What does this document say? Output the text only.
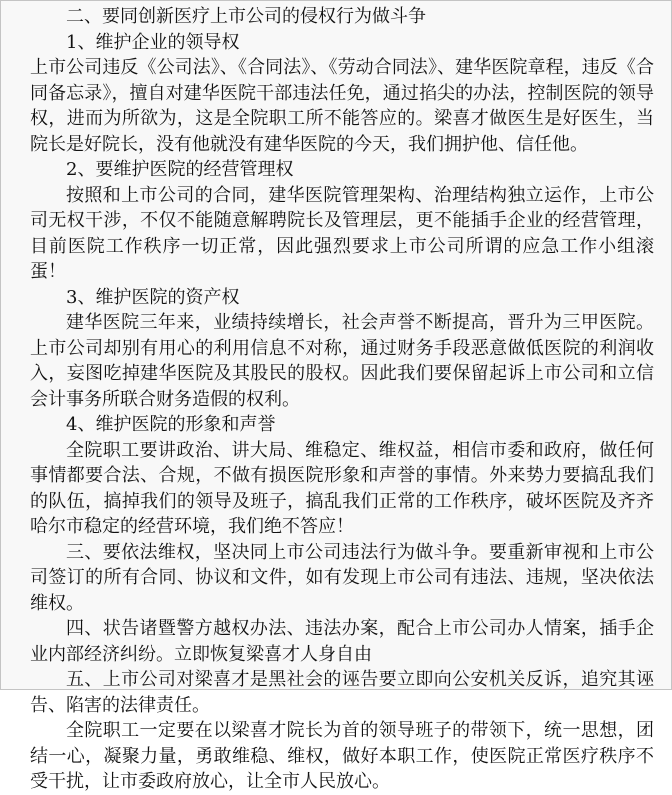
二、要同创新医疗上市公司的侵权行为做斗争

1、维护企业的领导权

上市公司违反《公司法》、《合同法》、《劳动合同法》、建华医院章程，违反《合同备忘录》，擅自对建华医院干部违法任免，通过掐尖的办法，控制医院的领导权，进而为所欲为，这是全院职工所不能答应的。梁喜才做医生是好医生，当院长是好院长，没有他就没有建华医院的今天，我们拥护他、信任他。

2、要维护医院的经营管理权

按照和上市公司的合同，建华医院管理架构、治理结构独立运作，上市公司无权干涉，不仅不能随意解聘院长及管理层，更不能插手企业的经营管理，目前医院工作秩序一切正常，因此强烈要求上市公司所谓的应急工作小组滚蛋！

3、维护医院的资产权

建华医院三年来，业绩持续增长，社会声誉不断提高，晋升为三甲医院。上市公司却别有用心的利用信息不对称，通过财务手段恶意做低医院的利润收入，妄图吃掉建华医院及其股民的股权。因此我们要保留起诉上市公司和立信会计事务所联合财务造假的权利。

4、维护医院的形象和声誉

全院职工要讲政治、讲大局、维稳定、维权益，相信市委和政府，做任何事情都要合法、合规，不做有损医院形象和声誉的事情。外来势力要搞乱我们的队伍，搞掉我们的领导及班子，搞乱我们正常的工作秩序，破坏医院及齐齐哈尔市稳定的经营环境，我们绝不答应！

三、要依法维权，坚决同上市公司违法行为做斗争。要重新审视和上市公司签订的所有合同、协议和文件，如有发现上市公司有违法、违规，坚决依法维权。

四、状告诸暨警方越权办法、违法办案，配合上市公司办人情案，插手企业内部经济纠纷。立即恢复梁喜才人身自由

五、上市公司对梁喜才是黑社会的诬告要立即向公安机关反诉，追究其诬告、陷害的法律责任。

全院职工一定要在以梁喜才院长为首的领导班子的带领下，统一思想，团结一心，凝聚力量，勇敢维稳、维权，做好本职工作，使医院正常医疗秩序不受干扰，让市委政府放心，让全市人民放心。
